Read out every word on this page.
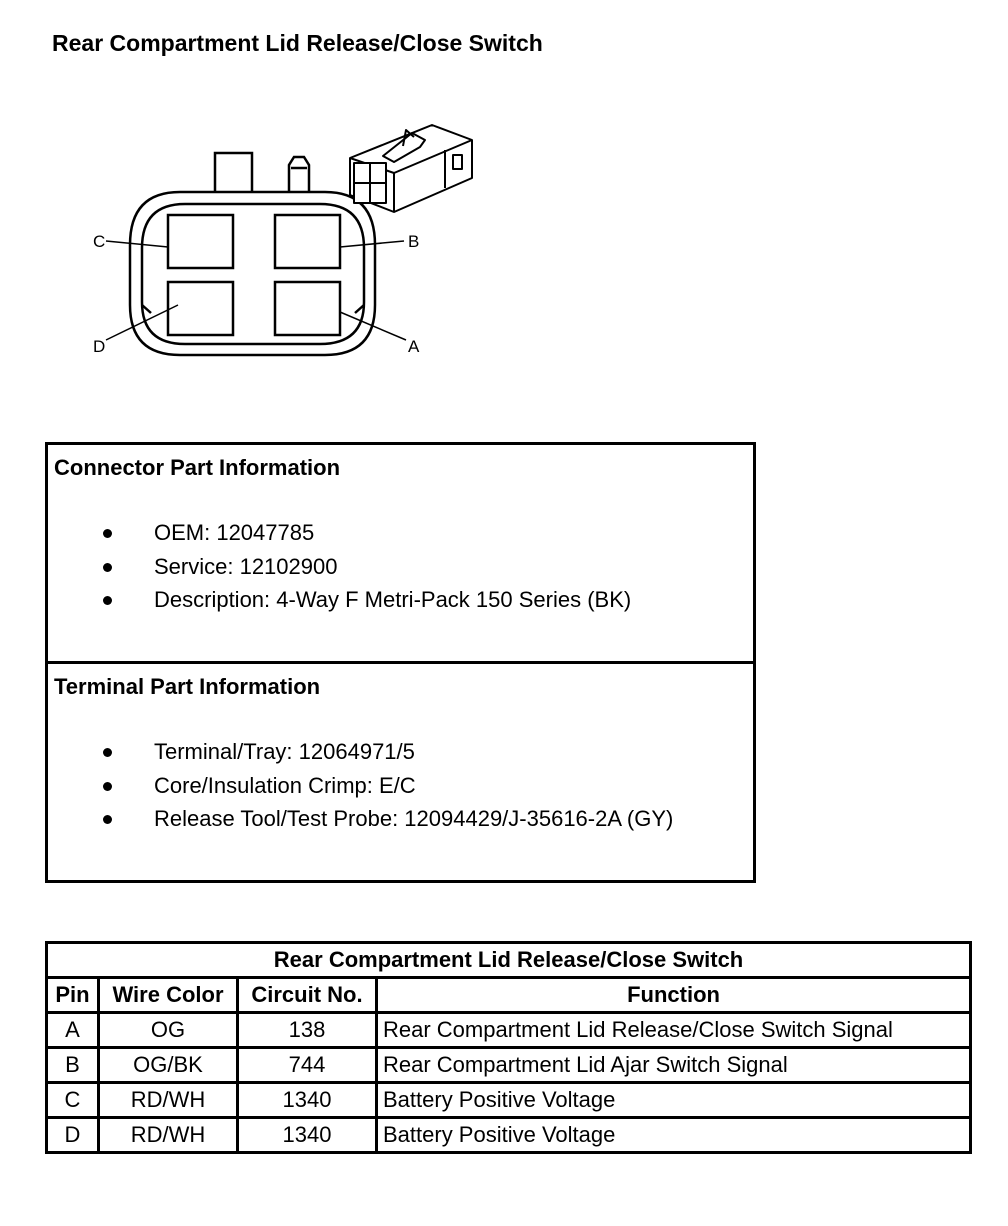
Rear Compartment Lid Release/Close Switch
C	B
D	A
Connector Part Information
OEM: 12047785
Service: 12102900
Description: 4-Way F Metri-Pack 150 Series (BK)
Terminal Part Information
Terminal/Tray: 12064971/5
Core/Insulation Crimp: E/C
Release Tool/Test Probe: 12094429/J-35616-2A (GY)
Rear Compartment Lid Release/Close Switch			
Pin	Wire Color	Circuit No.	Function
A	OG	138	Rear Compartment Lid Release/Close Switch Signal
B	OG/BK	744	Rear Compartment Lid Ajar Switch Signal
C	RD/WH	1340	Battery Positive Voltage
D	RD/WH	1340	Battery Positive Voltage
